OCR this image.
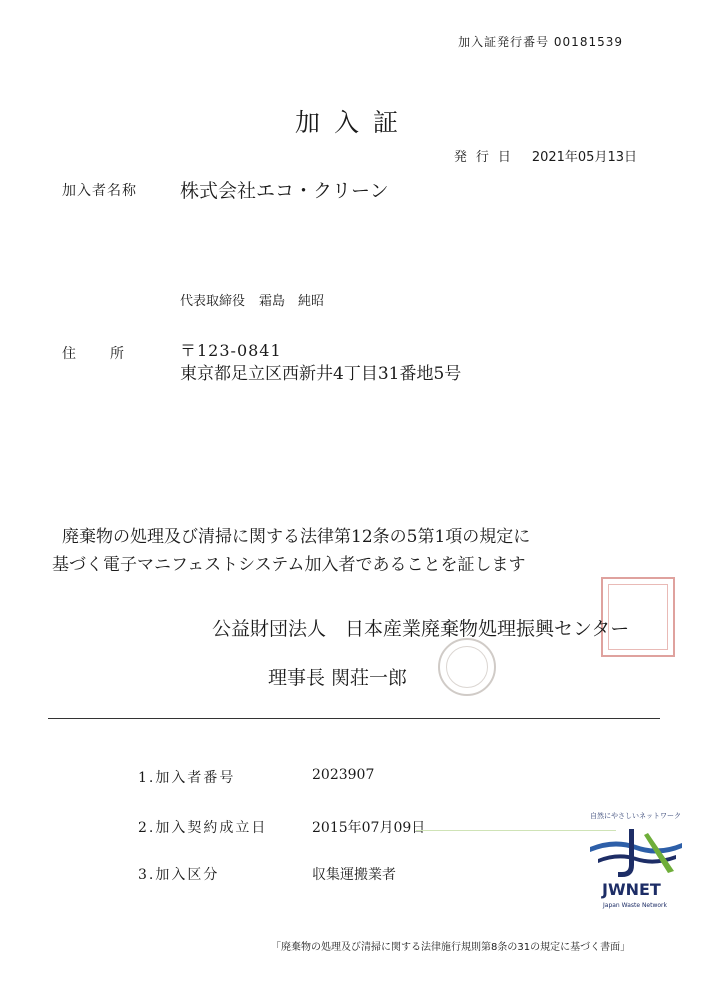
加入証発行番号 00181539
加入証
発行日 2021年05月13日
加入者名称 株式会社エコ・クリーン
代表取締役 霜島　純昭
住所 〒123-0841
東京都足立区西新井4丁目31番地5号
廃棄物の処理及び清掃に関する法律第12条の5第1項の規定に
基づく電子マニフェストシステム加入者であることを証します
公益財団法人　日本産業廃棄物処理振興センター
理事長 関荘一郎
1.加入者番号	2023907
2.加入契約成立日	2015年07月09日
3.加入区分	収集運搬業者
自然にやさしいネットワーク
JWNET
Japan Waste Network
「廃棄物の処理及び清掃に関する法律施行規則第8条の31の規定に基づく書面」
